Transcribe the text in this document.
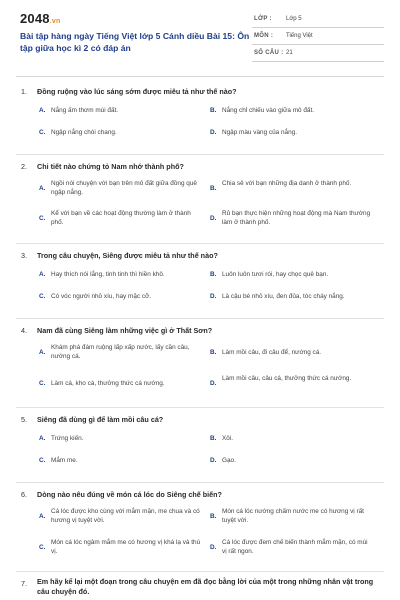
2048.vn
Bài tập hàng ngày Tiếng Việt lớp 5 Cánh diều Bài 15: Ôn tập giữa học kì 2 có đáp án
LỚP : Lớp 5
MÔN : Tiếng Việt
SỐ CÂU : 21
1. Đồng ruộng vào lúc sáng sớm được miêu tả như thế nào?
A. Nắng ấm thơm mùi đất.	B. Nắng chỉ chiếu vào giữa mô đất.
C. Ngập nắng chói chang.	D. Ngập màu vàng của nắng.
2. Chi tiết nào chứng tỏ Nam nhớ thành phố?
A.
Ngồi nói chuyện với bạn trên mô đất giữa đồng quê ngập nắng.
B.
Chia sẻ với bạn những địa danh ở thành phố.
C.
Kể với bạn về các hoạt động thường làm ở thành phố.
D.
Rủ bạn thực hiện những hoạt động mà Nam thường làm ở thành phố.
3. Trong câu chuyện, Siêng được miêu tả như thế nào?
A. Hay thích nói lắng, tinh tinh thì hiền khô.	B. Luôn luôn tươi rói, hay chọc quê bạn.
C. Có vóc người nhỏ xíu, hay mặc cỡ.	D. Là cậu bé nhỏ xíu, đen đủa, tóc cháy nắng.
4. Nam đã cùng Siêng làm những việc gì ở Thất Sơn?
A.
Khám phá đám ruộng lấp xấp nước, lấy cần câu, nướng cá.
B. Làm mồi câu, đi câu để, nướng cá.
C. Làm cá, kho cá, thưởng thức cá nướng.	D.
Làm mồi câu, câu cá, thưởng thức cá nướng.
5. Siêng đã dùng gì để làm mồi câu cá?
A. Trứng kiến.	B. Xôi.
C. Mắm me.	D. Gạo.
6. Dòng nào nêu đúng về món cá lóc do Siêng chế biến?
A.
Cá lóc được kho cùng với mắm mặn, me chua và có hương vị tuyệt vời.
B.
Món cá lóc nướng chấm nước me có hương vị rất tuyệt vời.
C.
Món cá lóc ngâm mắm me có hương vị khá lạ và thú vị.
D.
Cá lóc được đem chế biến thành mắm mặn, có mùi vị rất ngon.
7. Em hãy kể lại một đoạn trong câu chuyện em đã đọc bằng lời của một trong những nhân vật trong câu chuyện đó.
